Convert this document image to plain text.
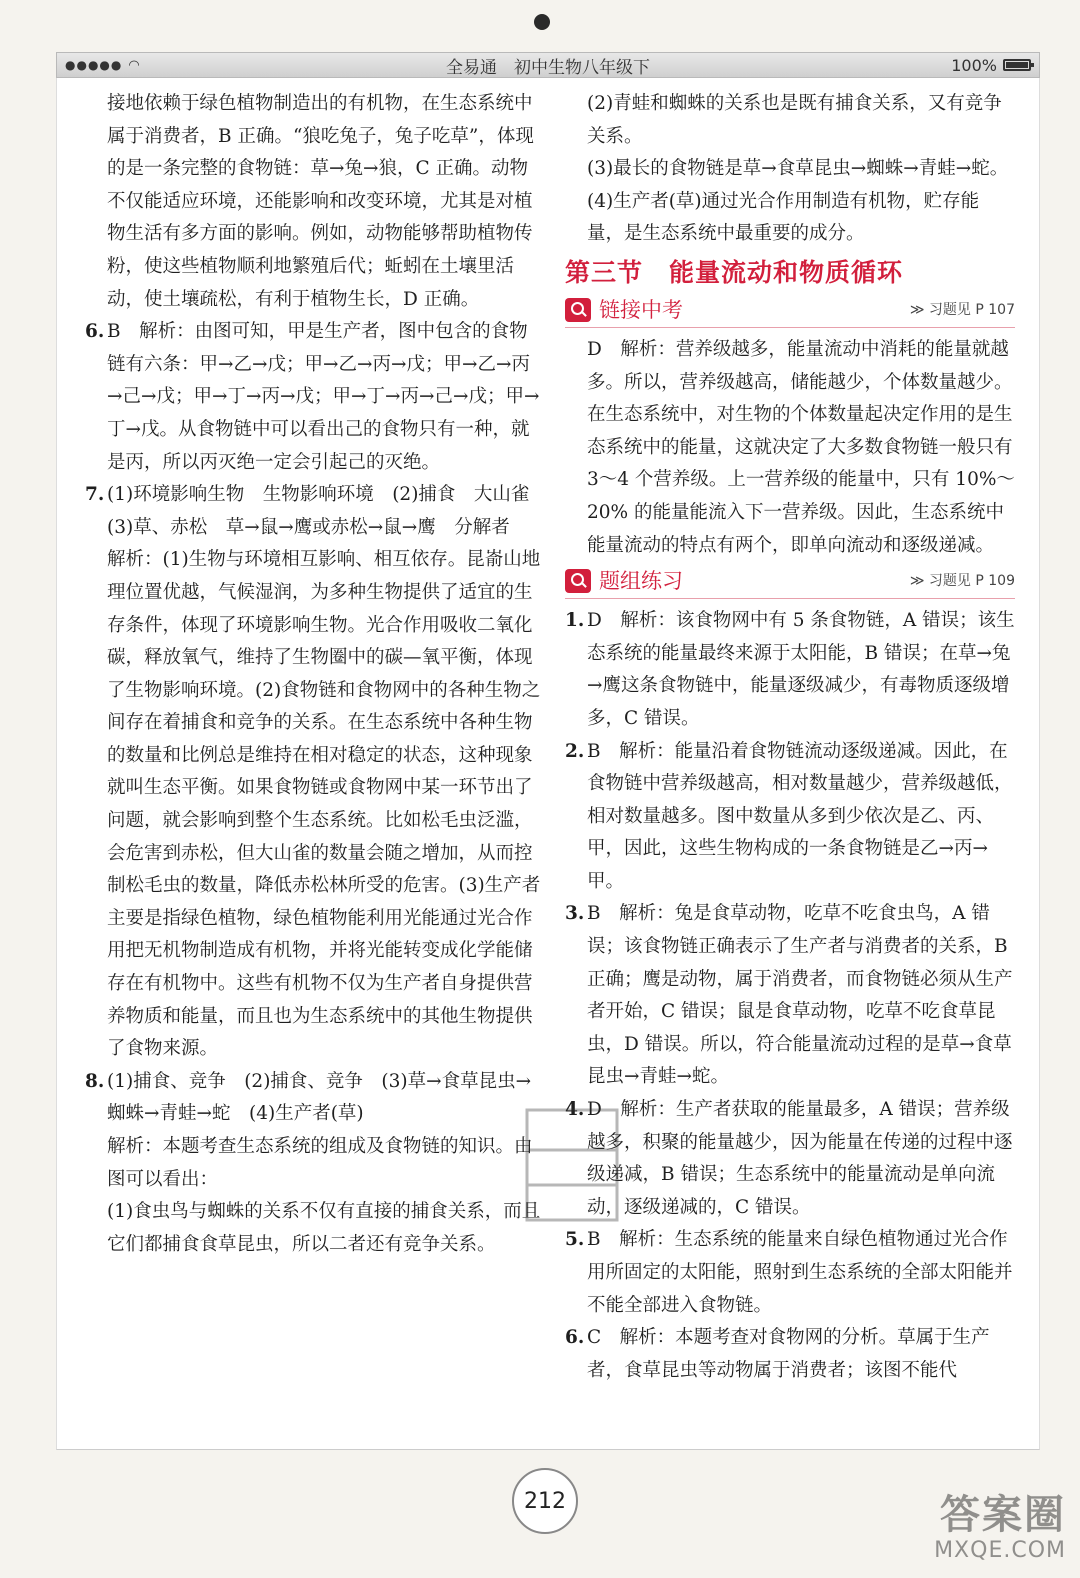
●●●●● ◠	全易通　初中生物八年级下	100%

接地依赖于绿色植物制造出的有机物，在生态系统中属于消费者，B 正确。“狼吃兔子，兔子吃草”，体现的是一条完整的食物链：草→兔→狼，C 正确。动物不仅能适应环境，还能影响和改变环境，尤其是对植物生活有多方面的影响。例如，动物能够帮助植物传粉，使这些植物顺利地繁殖后代；蚯蚓在土壤里活动，使土壤疏松，有利于植物生长，D 正确。

6. B　解析：由图可知，甲是生产者，图中包含的食物链有六条：甲→乙→戊；甲→乙→丙→戊；甲→乙→丙→己→戊；甲→丁→丙→戊；甲→丁→丙→己→戊；甲→丁→戊。从食物链中可以看出己的食物只有一种，就是丙，所以丙灭绝一定会引起己的灭绝。
7. (1)环境影响生物　生物影响环境　(2)捕食　大山雀　(3)草、赤松　草→鼠→鹰或赤松→鼠→鹰　分解者

解析：(1)生物与环境相互影响、相互依存。昆嵛山地理位置优越，气候湿润，为多种生物提供了适宜的生存条件，体现了环境影响生物。光合作用吸收二氧化碳，释放氧气，维持了生物圈中的碳—氧平衡，体现了生物影响环境。(2)食物链和食物网中的各种生物之间存在着捕食和竞争的关系。在生态系统中各种生物的数量和比例总是维持在相对稳定的状态，这种现象就叫生态平衡。如果食物链或食物网中某一环节出了问题，就会影响到整个生态系统。比如松毛虫泛滥，会危害到赤松，但大山雀的数量会随之增加，从而控制松毛虫的数量，降低赤松林所受的危害。(3)生产者主要是指绿色植物，绿色植物能利用光能通过光合作用把无机物制造成有机物，并将光能转变成化学能储存在有机物中。这些有机物不仅为生产者自身提供营养物质和能量，而且也为生态系统中的其他生物提供了食物来源。

8. (1)捕食、竞争　(2)捕食、竞争　(3)草→食草昆虫→蜘蛛→青蛙→蛇　(4)生产者(草)

解析：本题考查生态系统的组成及食物链的知识。由图可以看出：

(1)食虫鸟与蜘蛛的关系不仅有直接的捕食关系，而且它们都捕食食草昆虫，所以二者还有竞争关系。

(2)青蛙和蜘蛛的关系也是既有捕食关系，又有竞争关系。

(3)最长的食物链是草→食草昆虫→蜘蛛→青蛙→蛇。

(4)生产者(草)通过光合作用制造有机物，贮存能量，是生态系统中最重要的成分。

第三节　能量流动和物质循环
链接中考	≫ 习题见 P 107

D　解析：营养级越多，能量流动中消耗的能量就越多。所以，营养级越高，储能越少，个体数量越少。在生态系统中，对生物的个体数量起决定作用的是生态系统中的能量，这就决定了大多数食物链一般只有 3～4 个营养级。上一营养级的能量中，只有 10%～20% 的能量能流入下一营养级。因此，生态系统中能量流动的特点有两个，即单向流动和逐级递减。

题组练习	≫ 习题见 P 109
1. D　解析：该食物网中有 5 条食物链，A 错误；该生态系统的能量最终来源于太阳能，B 错误；在草→兔→鹰这条食物链中，能量逐级减少，有毒物质逐级增多，C 错误。
2. B　解析：能量沿着食物链流动逐级递减。因此，在食物链中营养级越高，相对数量越少，营养级越低，相对数量越多。图中数量从多到少依次是乙、丙、甲，因此，这些生物构成的一条食物链是乙→丙→甲。
3. B　解析：兔是食草动物，吃草不吃食虫鸟，A 错误；该食物链正确表示了生产者与消费者的关系，B 正确；鹰是动物，属于消费者，而食物链必须从生产者开始，C 错误；鼠是食草动物，吃草不吃食草昆虫，D 错误。所以，符合能量流动过程的是草→食草昆虫→青蛙→蛇。
4. D　解析：生产者获取的能量最多，A 错误；营养级越多，积聚的能量越少，因为能量在传递的过程中逐级递减，B 错误；生态系统中的能量流动是单向流动，逐级递减的，C 错误。
5. B　解析：生态系统的能量来自绿色植物通过光合作用所固定的太阳能，照射到生态系统的全部太阳能并不能全部进入食物链。
6. C　解析：本题考查对食物网的分析。草属于生产者，食草昆虫等动物属于消费者；该图不能代
212	答案圈
MXQE.COM
